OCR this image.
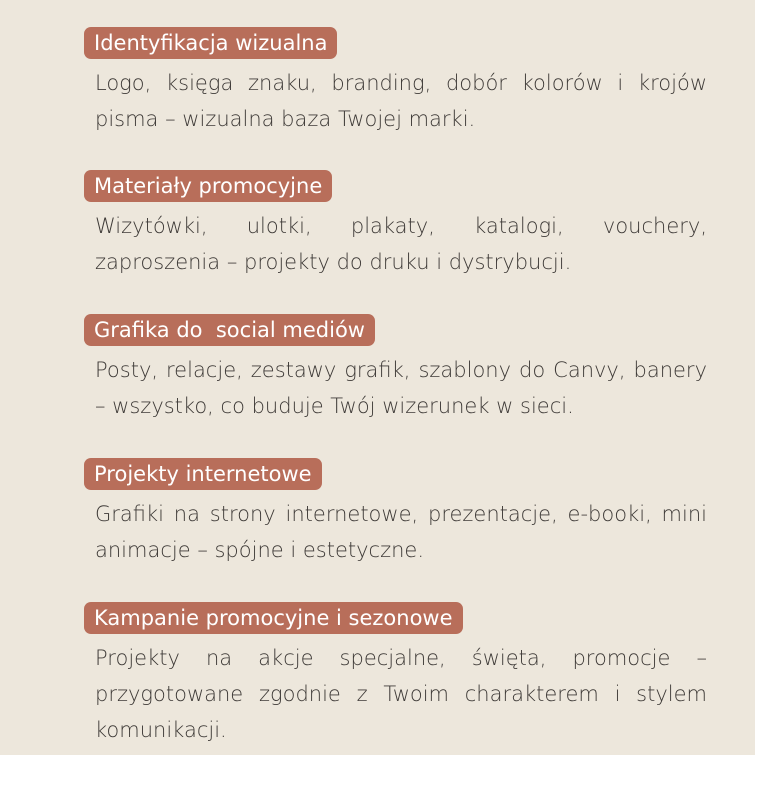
Identyfikacja wizualna
Logo, księga znaku, branding, dobór kolorów i krojów pisma – wizualna baza Twojej marki.
Materiały promocyjne
Wizytówki, ulotki, plakaty, katalogi, vouchery, zaproszenia – projekty do druku i dystrybucji.
Grafika do  social mediów
Posty, relacje, zestawy grafik, szablony do Canvy, banery – wszystko, co buduje Twój wizerunek w sieci.
Projekty internetowe
Grafiki na strony internetowe, prezentacje, e-booki, mini animacje – spójne i estetyczne.
Kampanie promocyjne i sezonowe
Projekty na akcje specjalne, święta, promocje – przygotowane zgodnie z Twoim charakterem i stylem komunikacji.
